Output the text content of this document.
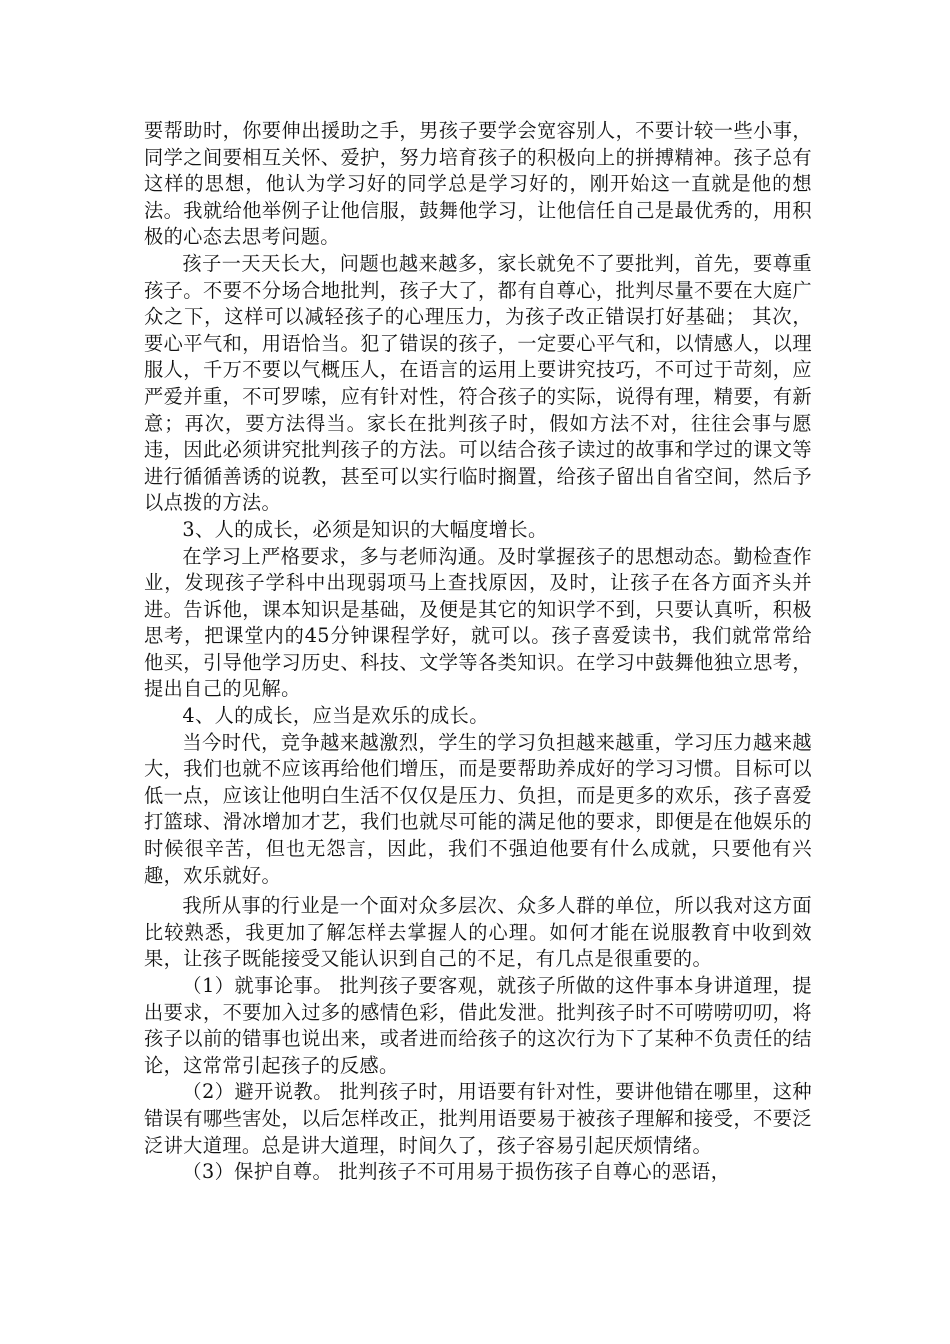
要帮助时，你要伸出援助之手，男孩子要学会宽容别人，不要计较一些小事，同学之间要相互关怀、爱护，努力培育孩子的积极向上的拼搏精神。孩子总有这样的思想，他认为学习好的同学总是学习好的，刚开始这一直就是他的想法。我就给他举例子让他信服，鼓舞他学习，让他信任自己是最优秀的，用积极的心态去思考问题。

孩子一天天长大，问题也越来越多，家长就免不了要批判，首先，要尊重孩子。不要不分场合地批判，孩子大了，都有自尊心，批判尽量不要在大庭广众之下，这样可以减轻孩子的心理压力，为孩子改正错误打好基础； 其次，要心平气和，用语恰当。犯了错误的孩子，一定要心平气和，以情感人，以理服人，千万不要以气概压人，在语言的运用上要讲究技巧，不可过于苛刻，应严爱并重，不可罗嗦，应有针对性，符合孩子的实际，说得有理，精要，有新意；再次，要方法得当。家长在批判孩子时，假如方法不对，往往会事与愿违，因此必须讲究批判孩子的方法。可以结合孩子读过的故事和学过的课文等进行循循善诱的说教，甚至可以实行临时搁置，给孩子留出自省空间，然后予以点拨的方法。

3、人的成长，必须是知识的大幅度增长。

在学习上严格要求，多与老师沟通。及时掌握孩子的思想动态。勤检查作业，发现孩子学科中出现弱项马上查找原因，及时，让孩子在各方面齐头并进。告诉他，课本知识是基础，及便是其它的知识学不到，只要认真听，积极思考，把课堂内的45分钟课程学好，就可以。孩子喜爱读书，我们就常常给他买，引导他学习历史、科技、文学等各类知识。在学习中鼓舞他独立思考，提出自己的见解。

4、人的成长，应当是欢乐的成长。

当今时代，竞争越来越激烈，学生的学习负担越来越重，学习压力越来越大，我们也就不应该再给他们增压，而是要帮助养成好的学习习惯。目标可以低一点，应该让他明白生活不仅仅是压力、负担，而是更多的欢乐，孩子喜爱打篮球、滑冰增加才艺，我们也就尽可能的满足他的要求，即便是在他娱乐的时候很辛苦，但也无怨言，因此，我们不强迫他要有什么成就，只要他有兴趣，欢乐就好。

我所从事的行业是一个面对众多层次、众多人群的单位，所以我对这方面比较熟悉，我更加了解怎样去掌握人的心理。如何才能在说服教育中收到效果，让孩子既能接受又能认识到自己的不足，有几点是很重要的。

（1）就事论事。 批判孩子要客观，就孩子所做的这件事本身讲道理，提出要求，不要加入过多的感情色彩，借此发泄。批判孩子时不可唠唠叨叨，将孩子以前的错事也说出来，或者进而给孩子的这次行为下了某种不负责任的结论，这常常引起孩子的反感。

（2）避开说教。 批判孩子时，用语要有针对性，要讲他错在哪里，这种错误有哪些害处，以后怎样改正，批判用语要易于被孩子理解和接受，不要泛泛讲大道理。总是讲大道理，时间久了，孩子容易引起厌烦情绪。

（3）保护自尊。 批判孩子不可用易于损伤孩子自尊心的恶语，
